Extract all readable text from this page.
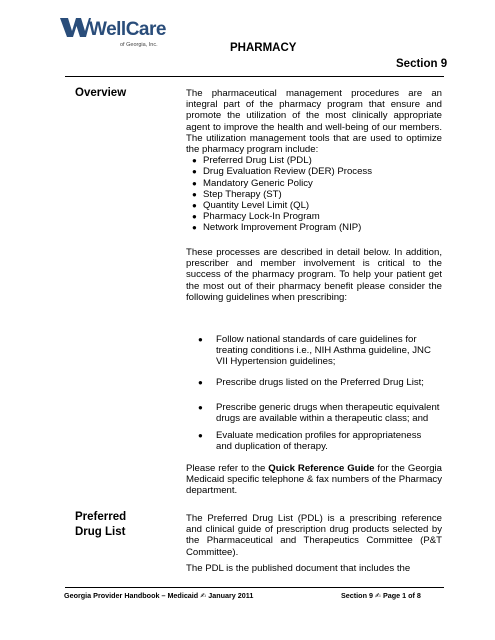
WellCare
of Georgia, Inc.	PHARMACY
Section 9
Overview	The pharmaceutical management procedures are an integral part of the pharmacy program that ensure and promote the utilization of the most clinically appropriate agent to improve the health and well-being of our members. The utilization management tools that are used to optimize the pharmacy program include:

● Preferred Drug List (PDL)
● Drug Evaluation Review (DER) Process
● Mandatory Generic Policy
● Step Therapy (ST)
● Quantity Level Limit (QL)
● Pharmacy Lock-In Program
● Network Improvement Program (NIP)
These processes are described in detail below. In addition, prescriber and member involvement is critical to the success of the pharmacy program. To help your patient get the most out of their pharmacy benefit please consider the following guidelines when prescribing:
●	Follow national standards of care guidelines for
treating conditions i.e., NIH Asthma guideline, JNC
VII Hypertension guidelines;
●	Prescribe drugs listed on the Preferred Drug List;
●	Prescribe generic drugs when therapeutic equivalent
drugs are available within a therapeutic class; and
●	Evaluate medication profiles for appropriateness
and duplication of therapy.
Please refer to the Quick Reference Guide for the Georgia Medicaid specific telephone & fax numbers of the Pharmacy department.
Preferred
Drug List
The Preferred Drug List (PDL) is a prescribing reference and clinical guide of prescription drug products selected by the Pharmaceutical and Therapeutics Committee (P&T Committee).
The PDL is the published document that includes the
Georgia Provider Handbook – Medicaid ✍ January 2011	Section 9 ✍ Page 1 of 8
